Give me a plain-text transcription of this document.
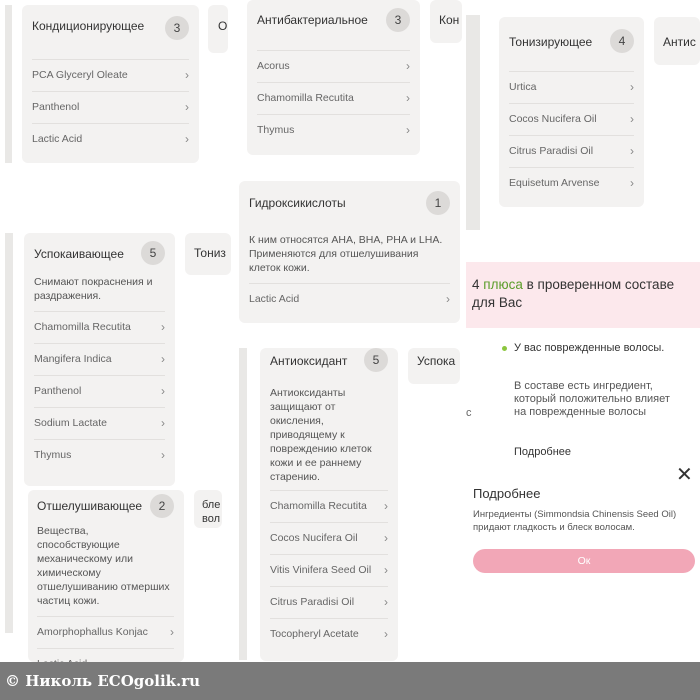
Кондиционирующее	3
PCA Glyceryl Oleate	›
Panthenol	›
Lactic Acid	›
О Антибактериальное	3
Acorus	›
Chamomilla Recutita	›
Thymus	›
Кон
Тонизирующее	4
Urtica	›
Cocos Nucifera Oil	›
Citrus Paradisi Oil	›
Equisetum Arvense	›
Антис
Гидроксикислоты	1
К ним относятся AHA, BHA, PHA и LHA. Применяются для отшелушивания клеток кожи.
Lactic Acid	›
Успокаивающее	5
Снимают покраснения и раздражения.
Chamomilla Recutita	›
Mangifera Indica	›
Panthenol	›
Sodium Lactate	›
Thymus	›
Тониз
Антиоксидант	5
Антиоксиданты защищают от окисления, приводящему к повреждению клеток кожи и ее раннему старению.
Chamomilla Recutita ›
Cocos Nucifera Oil ›
Vitis Vinifera Seed Oil ›
Citrus Paradisi Oil ›
Tocopheryl Acetate ›
Успока
с
Отшелушивающее	2
Вещества, способствующие механическому или химическому отшелушиванию отмерших частиц кожи.
Amorphophallus Konjac ›
бле
вол
4 плюса в проверенном составе для Вас
У вас поврежденные волосы.
В составе есть ингредиент, который положительно влияет на поврежденные волосы
Подробнее
✕
Подробнее
Ингредиенты (Simmondsia Chinensis Seed Oil) придают гладкость и блеск волосам.
Ок
© Николь ECOgolik.ru
